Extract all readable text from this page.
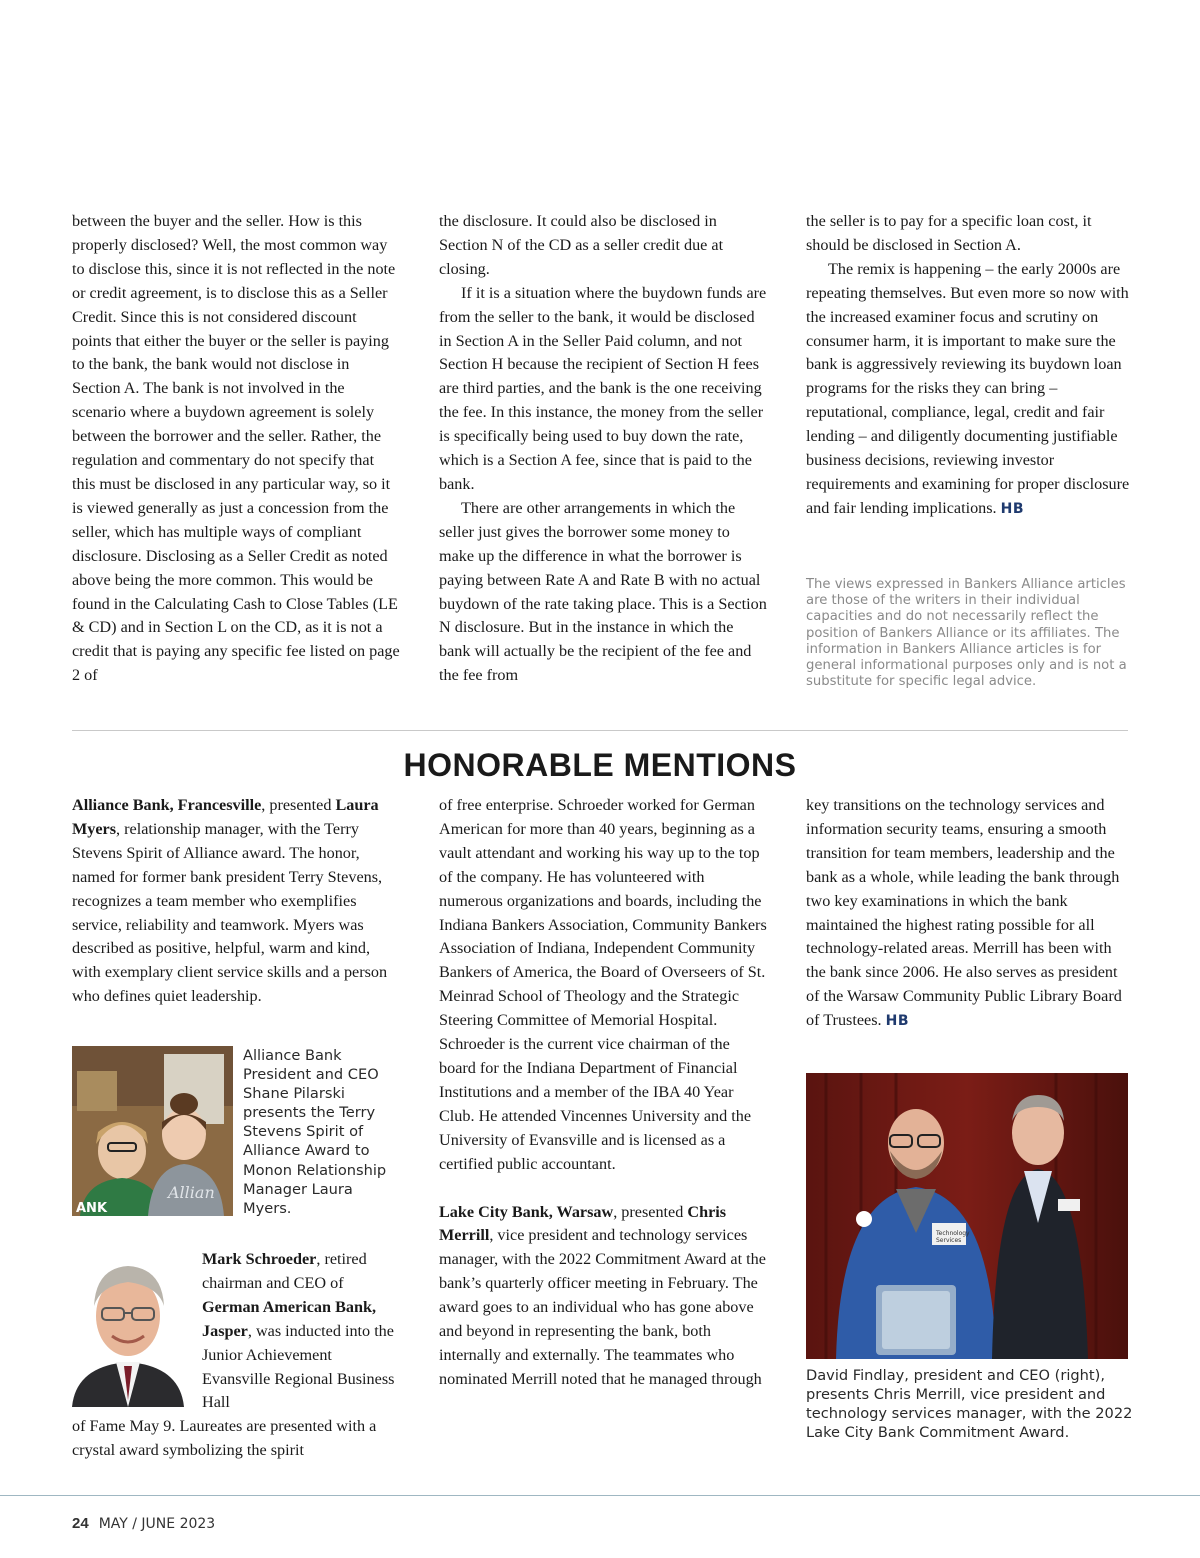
between the buyer and the seller. How is this properly disclosed? Well, the most common way to disclose this, since it is not reflected in the note or credit agreement, is to disclose this as a Seller Credit. Since this is not considered discount points that either the buyer or the seller is paying to the bank, the bank would not disclose in Section A. The bank is not involved in the scenario where a buydown agreement is solely between the borrower and the seller. Rather, the regulation and commentary do not specify that this must be disclosed in any particular way, so it is viewed generally as just a concession from the seller, which has multiple ways of compliant disclosure. Disclosing as a Seller Credit as noted above being the more common. This would be found in the Calculating Cash to Close Tables (LE & CD) and in Section L on the CD, as it is not a credit that is paying any specific fee listed on page 2 of

the disclosure. It could also be disclosed in Section N of the CD as a seller credit due at closing.

If it is a situation where the buydown funds are from the seller to the bank, it would be disclosed in Section A in the Seller Paid column, and not Section H because the recipient of Section H fees are third parties, and the bank is the one receiving the fee. In this instance, the money from the seller is specifically being used to buy down the rate, which is a Section A fee, since that is paid to the bank.

There are other arrangements in which the seller just gives the borrower some money to make up the difference in what the borrower is paying between Rate A and Rate B with no actual buydown of the rate taking place. This is a Section N disclosure. But in the instance in which the bank will actually be the recipient of the fee and the fee from

the seller is to pay for a specific loan cost, it should be disclosed in Section A.

The remix is happening – the early 2000s are repeating themselves. But even more so now with the increased examiner focus and scrutiny on consumer harm, it is important to make sure the bank is aggressively reviewing its buydown loan programs for the risks they can bring – reputational, compliance, legal, credit and fair lending – and diligently documenting justifiable business decisions, reviewing investor requirements and examining for proper disclosure and fair lending implications. HB

The views expressed in Bankers Alliance articles are those of the writers in their individual capacities and do not necessarily reflect the position of Bankers Alliance or its affiliates. The information in Bankers Alliance articles is for general informational purposes only and is not a substitute for specific legal advice.
HONORABLE MENTIONS

Alliance Bank, Francesville, presented Laura Myers, relationship manager, with the Terry Stevens Spirit of Alliance award. The honor, named for former bank president Terry Stevens, recognizes a team member who exemplifies service, reliability and teamwork. Myers was described as positive, helpful, warm and kind, with exemplary client service skills and a person who defines quiet leadership.

Allian
ANK
Alliance Bank President and CEO Shane Pilarski presents the Terry Stevens Spirit of Alliance Award to Monon Relationship Manager Laura Myers.
Mark Schroeder, retired chairman and CEO of German American Bank, Jasper, was inducted into the Junior Achievement Evansville Regional Business Hall
of Fame May 9. Laureates are presented with a crystal award symbolizing the spirit

of free enterprise. Schroeder worked for German American for more than 40 years, beginning as a vault attendant and working his way up to the top of the company. He has volunteered with numerous organizations and boards, including the Indiana Bankers Association, Community Bankers Association of Indiana, Independent Community Bankers of America, the Board of Overseers of St. Meinrad School of Theology and the Strategic Steering Committee of Memorial Hospital. Schroeder is the current vice chairman of the board for the Indiana Department of Financial Institutions and a member of the IBA 40 Year Club. He attended Vincennes University and the University of Evansville and is licensed as a certified public accountant.

Lake City Bank, Warsaw, presented Chris Merrill, vice president and technology services manager, with the 2022 Commitment Award at the bank’s quarterly officer meeting in February. The award goes to an individual who has gone above and beyond in representing the bank, both internally and externally. The teammates who nominated Merrill noted that he managed through

key transitions on the technology services and information security teams, ensuring a smooth transition for team members, leadership and the bank as a whole, while leading the bank through two key examinations in which the bank maintained the highest rating possible for all technology-related areas. Merrill has been with the bank since 2006. He also serves as president of the Warsaw Community Public Library Board of Trustees. HB

Technology
Services
David Findlay, president and CEO (right), presents Chris Merrill, vice president and technology services manager, with the 2022 Lake City Bank Commitment Award.
24 MAY / JUNE 2023
